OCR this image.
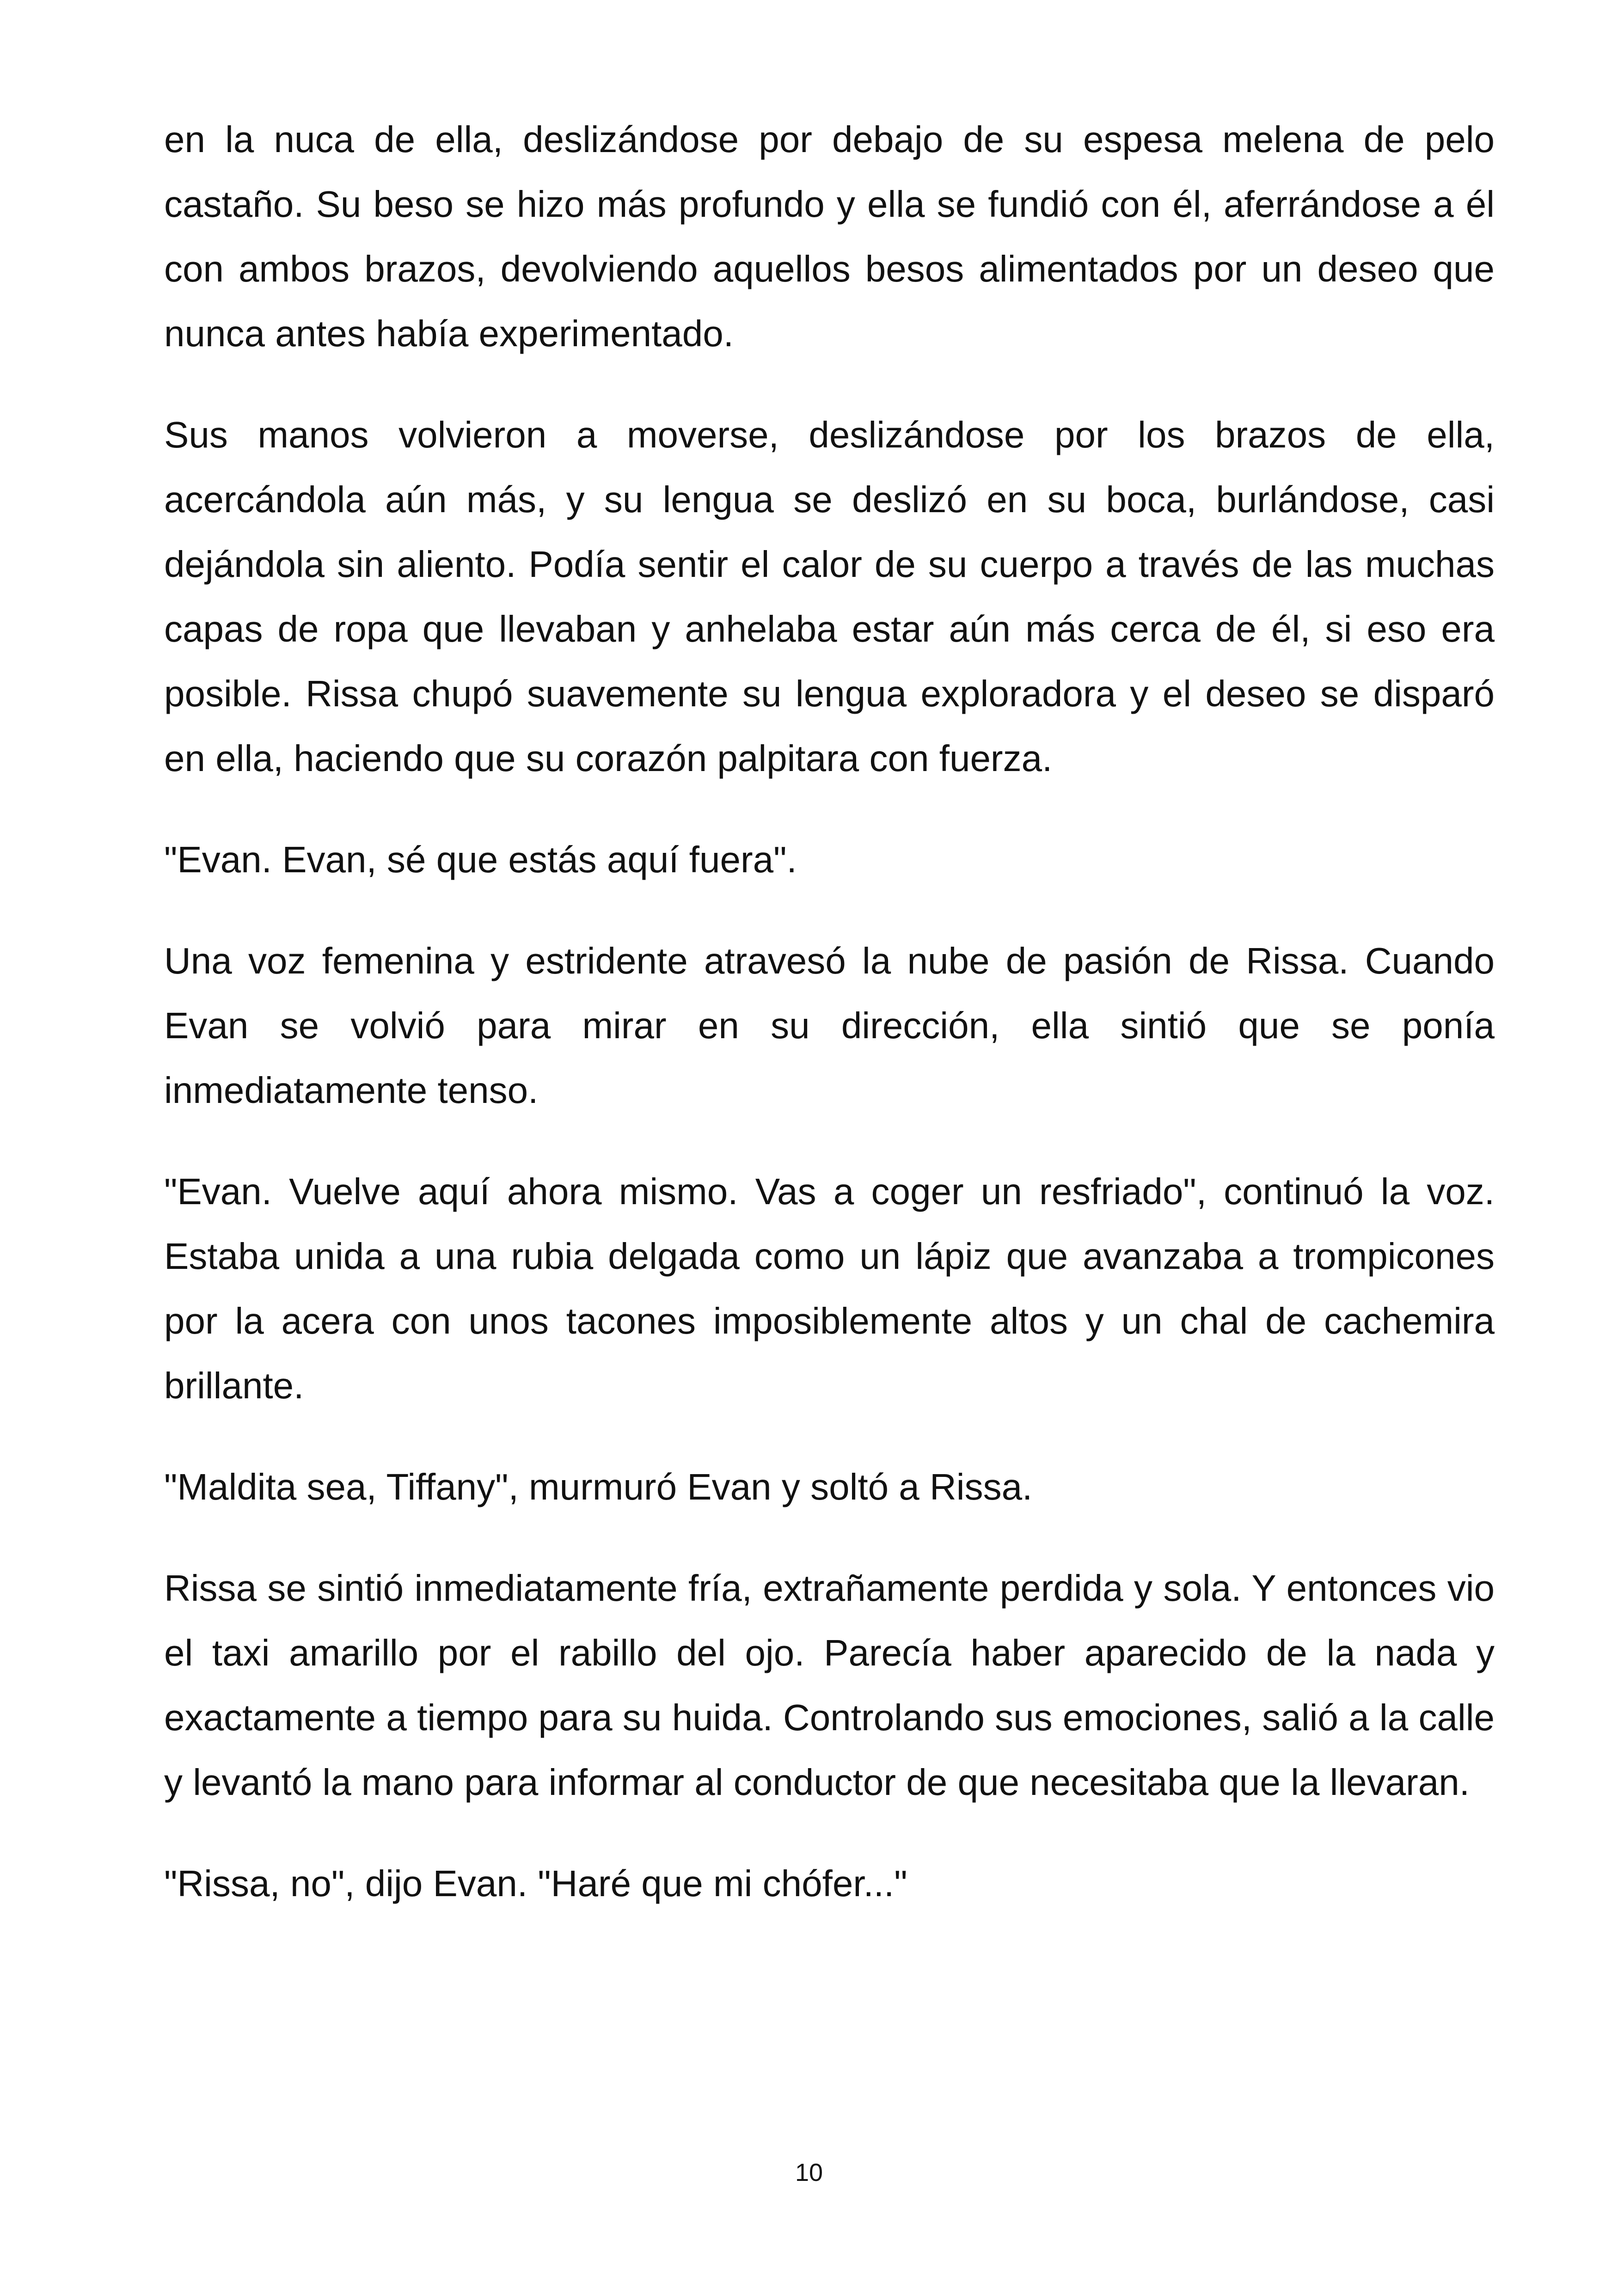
en la nuca de ella, deslizándose por debajo de su espesa melena de pelo castaño. Su beso se hizo más profundo y ella se fundió con él, aferrándose a él con ambos brazos, devolviendo aquellos besos alimentados por un deseo que nunca antes había experimentado.

Sus manos volvieron a moverse, deslizándose por los brazos de ella, acercándola aún más, y su lengua se deslizó en su boca, burlándose, casi dejándola sin aliento. Podía sentir el calor de su cuerpo a través de las muchas capas de ropa que llevaban y anhelaba estar aún más cerca de él, si eso era posible. Rissa chupó suavemente su lengua exploradora y el deseo se disparó en ella, haciendo que su corazón palpitara con fuerza.

"Evan. Evan, sé que estás aquí fuera".

Una voz femenina y estridente atravesó la nube de pasión de Rissa. Cuando Evan se volvió para mirar en su dirección, ella sintió que se ponía inmediatamente tenso.

"Evan. Vuelve aquí ahora mismo. Vas a coger un resfriado", continuó la voz. Estaba unida a una rubia delgada como un lápiz que avanzaba a trompicones por la acera con unos tacones imposiblemente altos y un chal de cachemira brillante.

"Maldita sea, Tiffany", murmuró Evan y soltó a Rissa.

Rissa se sintió inmediatamente fría, extrañamente perdida y sola. Y entonces vio el taxi amarillo por el rabillo del ojo. Parecía haber aparecido de la nada y exactamente a tiempo para su huida. Controlando sus emociones, salió a la calle y levantó la mano para informar al conductor de que necesitaba que la llevaran.

"Rissa, no", dijo Evan. "Haré que mi chófer..."

10
